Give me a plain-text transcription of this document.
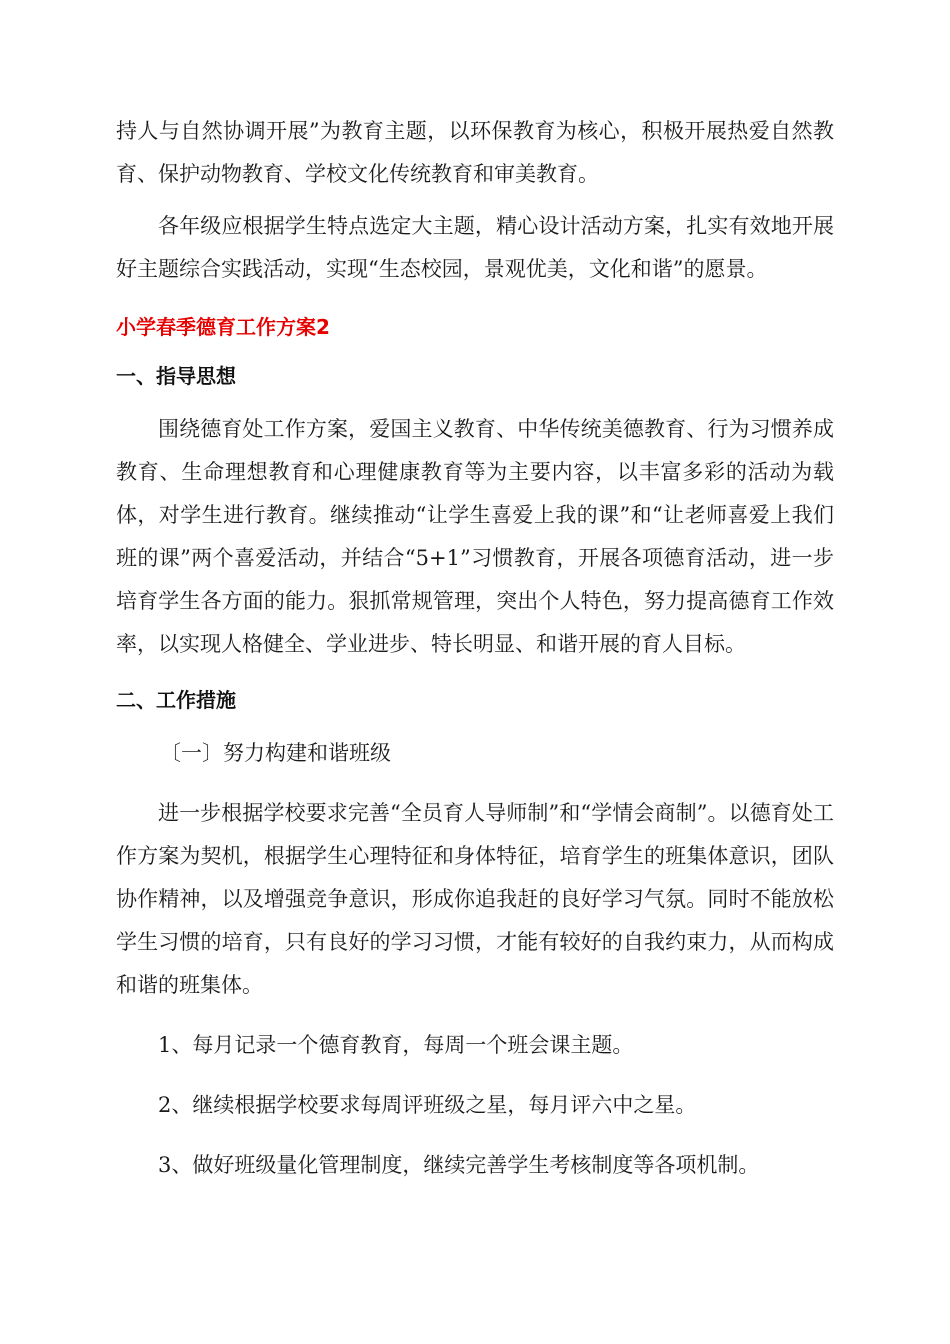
持人与自然协调开展”为教育主题，以环保教育为核心，积极开展热爱自然教育、保护动物教育、学校文化传统教育和审美教育。

各年级应根据学生特点选定大主题，精心设计活动方案，扎实有效地开展好主题综合实践活动，实现“生态校园，景观优美，文化和谐”的愿景。

小学春季德育工作方案2

一、指导思想

围绕德育处工作方案，爱国主义教育、中华传统美德教育、行为习惯养成教育、生命理想教育和心理健康教育等为主要内容，以丰富多彩的活动为载体，对学生进行教育。继续推动“让学生喜爱上我的课”和“让老师喜爱上我们班的课”两个喜爱活动，并结合“5+1”习惯教育，开展各项德育活动，进一步培育学生各方面的能力。狠抓常规管理，突出个人特色，努力提高德育工作效率，以实现人格健全、学业进步、特长明显、和谐开展的育人目标。

二、工作措施

〔一〕努力构建和谐班级

进一步根据学校要求完善“全员育人导师制”和“学情会商制”。以德育处工作方案为契机，根据学生心理特征和身体特征，培育学生的班集体意识，团队协作精神，以及增强竞争意识，形成你追我赶的良好学习气氛。同时不能放松学生习惯的培育，只有良好的学习习惯，才能有较好的自我约束力，从而构成和谐的班集体。

1、每月记录一个德育教育，每周一个班会课主题。

2、继续根据学校要求每周评班级之星，每月评六中之星。

3、做好班级量化管理制度，继续完善学生考核制度等各项机制。
